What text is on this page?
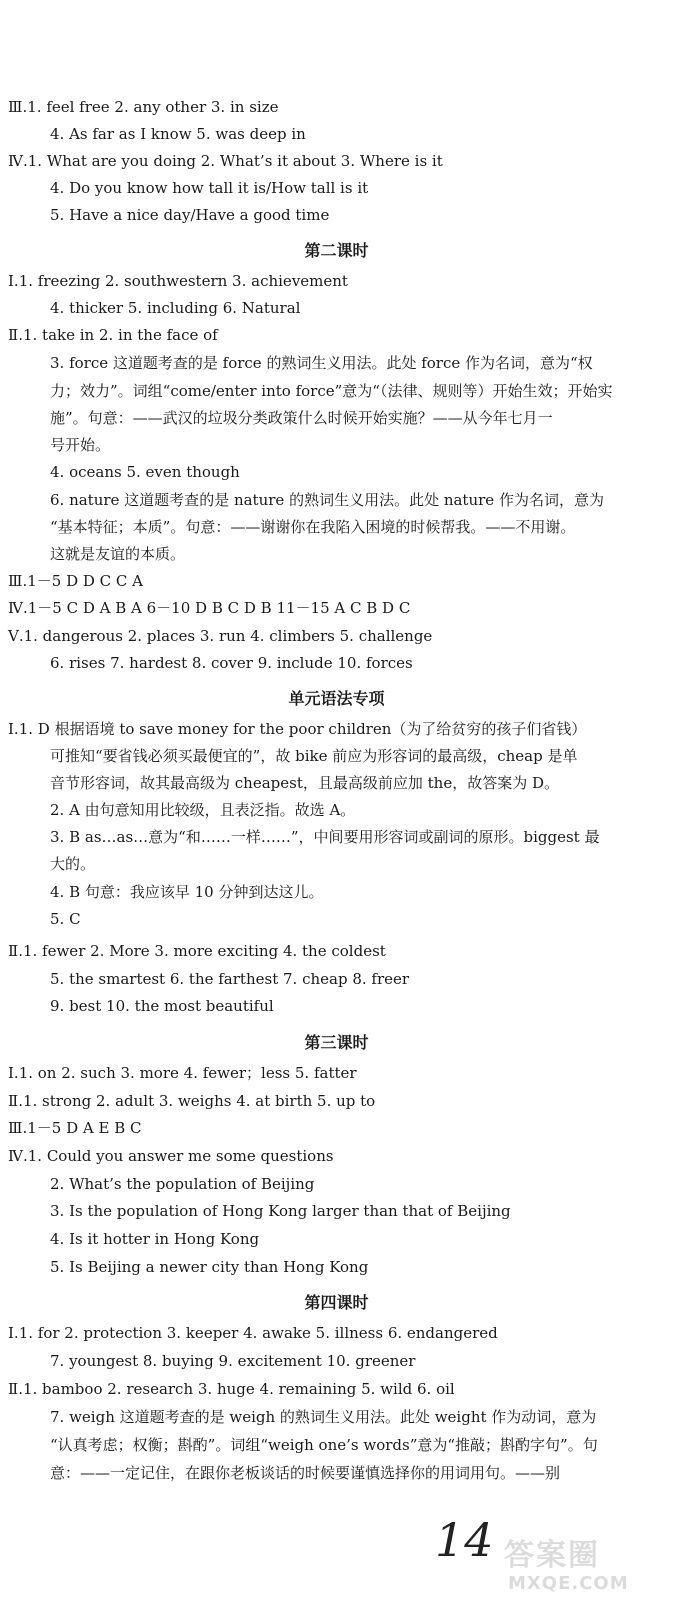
Ⅲ.1. feel free 2. any other 3. in size
4. As far as I know 5. was deep in
Ⅳ.1. What are you doing 2. What’s it about 3. Where is it
4. Do you know how tall it is/How tall is it
5. Have a nice day/Have a good time
Ⅰ.1. freezing 2. southwestern 3. achievement
4. thicker 5. including 6. Natural
Ⅱ.1. take in 2. in the face of
3. force 这道题考查的是 force 的熟词生义用法。此处 force 作为名词，意为“权
力；效力”。词组“come/enter into force”意为“（法律、规则等）开始生效；开始实
施”。句意：——武汉的垃圾分类政策什么时候开始实施？——从今年七月一
号开始。
4. oceans 5. even though
6. nature 这道题考查的是 nature 的熟词生义用法。此处 nature 作为名词，意为
“基本特征；本质”。句意：——谢谢你在我陷入困境的时候帮我。——不用谢。
这就是友谊的本质。
Ⅲ.1－5 D D C C A
Ⅳ.1－5 C D A B A 6－10 D B C D B 11－15 A C B D C
Ⅴ.1. dangerous 2. places 3. run 4. climbers 5. challenge
6. rises 7. hardest 8. cover 9. include 10. forces
Ⅰ.1. D 根据语境 to save money for the poor children（为了给贫穷的孩子们省钱）
可推知“要省钱必须买最便宜的”，故 bike 前应为形容词的最高级，cheap 是单
音节形容词，故其最高级为 cheapest，且最高级前应加 the，故答案为 D。
2. A 由句意知用比较级，且表泛指。故选 A。
3. B as…as…意为“和……一样……”，中间要用形容词或副词的原形。biggest 最
大的。
4. B 句意：我应该早 10 分钟到达这儿。
5. C
Ⅱ.1. fewer 2. More 3. more exciting 4. the coldest
5. the smartest 6. the farthest 7. cheap 8. freer
9. best 10. the most beautiful
Ⅰ.1. on 2. such 3. more 4. fewer；less 5. fatter
Ⅱ.1. strong 2. adult 3. weighs 4. at birth 5. up to
Ⅲ.1－5 D A E B C
Ⅳ.1. Could you answer me some questions
2. What’s the population of Beijing
3. Is the population of Hong Kong larger than that of Beijing
4. Is it hotter in Hong Kong
5. Is Beijing a newer city than Hong Kong
Ⅰ.1. for 2. protection 3. keeper 4. awake 5. illness 6. endangered
7. youngest 8. buying 9. excitement 10. greener
Ⅱ.1. bamboo 2. research 3. huge 4. remaining 5. wild 6. oil
7. weigh 这道题考查的是 weigh 的熟词生义用法。此处 weight 作为动词，意为
“认真考虑；权衡；斟酌”。词组“weigh one’s words”意为“推敲；斟酌字句”。句
意：——一定记住，在跟你老板谈话的时候要谨慎选择你的用词用句。——别
第二课时
单元语法专项
第三课时
第四课时
14 答案圈
MXQE.COM
